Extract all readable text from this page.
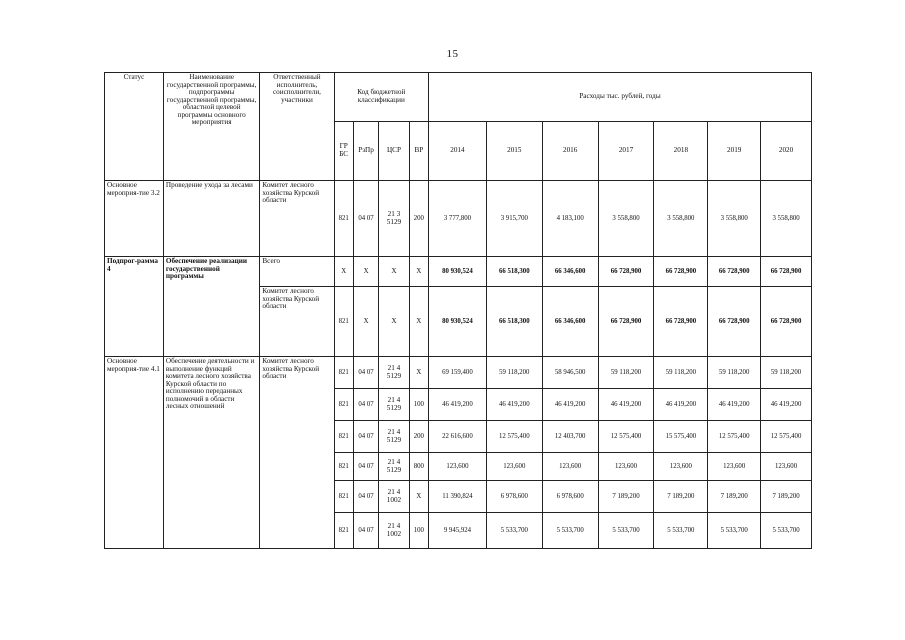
15
Статус	Наименование государственной программы, подпрограммы государственной программы, областной целевой программы основного мероприятия	Ответственный исполнитель, соисполнители, участники	Код бюджетной классификации				Расходы тыс. рублей, годы						
			ГР БС	РзПр	ЦСР	ВР	2014	2015	2016	2017	2018	2019	2020
Основное мероприя-тие 3.2	Проведение ухода за лесами	Комитет лесного хозяйства Курской области	821	04 07	21 3 5129	200	3 777,800	3 915,700	4 183,100	3 558,800	3 558,800	3 558,800	3 558,800
Подпрог-рамма 4	Обеспечение реализации государственной программы	Всего	X	X	X	X	80 930,524	66 518,300	66 346,600	66 728,900	66 728,900	66 728,900	66 728,900
		Комитет лесного хозяйства Курской области	821	X	X	X	80 930,524	66 518,300	66 346,600	66 728,900	66 728,900	66 728,900	66 728,900
Основное мероприя-тие 4.1	Обеспечение деятельности и выполнение функций комитета лесного хозяйства Курской области по исполнению переданных полномочий в области лесных отношений	Комитет лесного хозяйства Курской области	821	04 07	21 4 5129	X	69 159,400	59 118,200	58 946,500	59 118,200	59 118,200	59 118,200	59 118,200
			821	04 07	21 4 5129	100	46 419,200	46 419,200	46 419,200	46 419,200	46 419,200	46 419,200	46 419,200
			821	04 07	21 4 5129	200	22 616,600	12 575,400	12 403,700	12 575,400	15 575,400	12 575,400	12 575,400
			821	04 07	21 4 5129	800	123,600	123,600	123,600	123,600	123,600	123,600	123,600
			821	04 07	21 4 1002	X	11 390,824	6 978,600	6 978,600	7 189,200	7 189,200	7 189,200	7 189,200
			821	04 07	21 4 1002	100	9 945,924	5 533,700	5 533,700	5 533,700	5 533,700	5 533,700	5 533,700
